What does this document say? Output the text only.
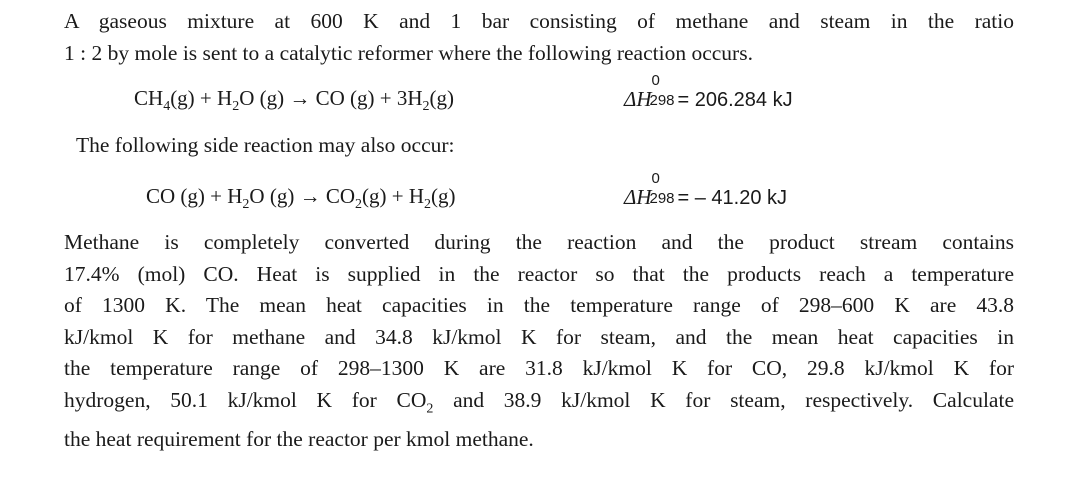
A gaseous mixture at 600 K and 1 bar consisting of methane and steam in the ratio
1 : 2 by mole is sent to a catalytic reformer where the following reaction occurs.

$CH_4(g) + H_2O$ (g) → CO $(g) + 3H_2(g)$	ΔH
0
298 = 206.284 kJ
The following side reaction may also occur:
CO $(g) + H_2O$ $(g) \to CO_2(g) + H_2(g)$	ΔH
0
298 = – 41.20 kJ

Methane is completely converted during the reaction and the product stream contains
17.4% (mol) CO. Heat is supplied in the reactor so that the products reach a temperature
of 1300 K. The mean heat capacities in the temperature range of 298–600 K are 43.8
kJ/kmol K for methane and 34.8 kJ/kmol K for steam, and the mean heat capacities in
the temperature range of 298–1300 K are 31.8 kJ/kmol K for CO, 29.8 kJ/kmol K for
hydrogen, 50.1 kJ/kmol K for $CO_2$ and 38.9 kJ/kmol K for steam, respectively. Calculate
the heat requirement for the reactor per kmol methane.
